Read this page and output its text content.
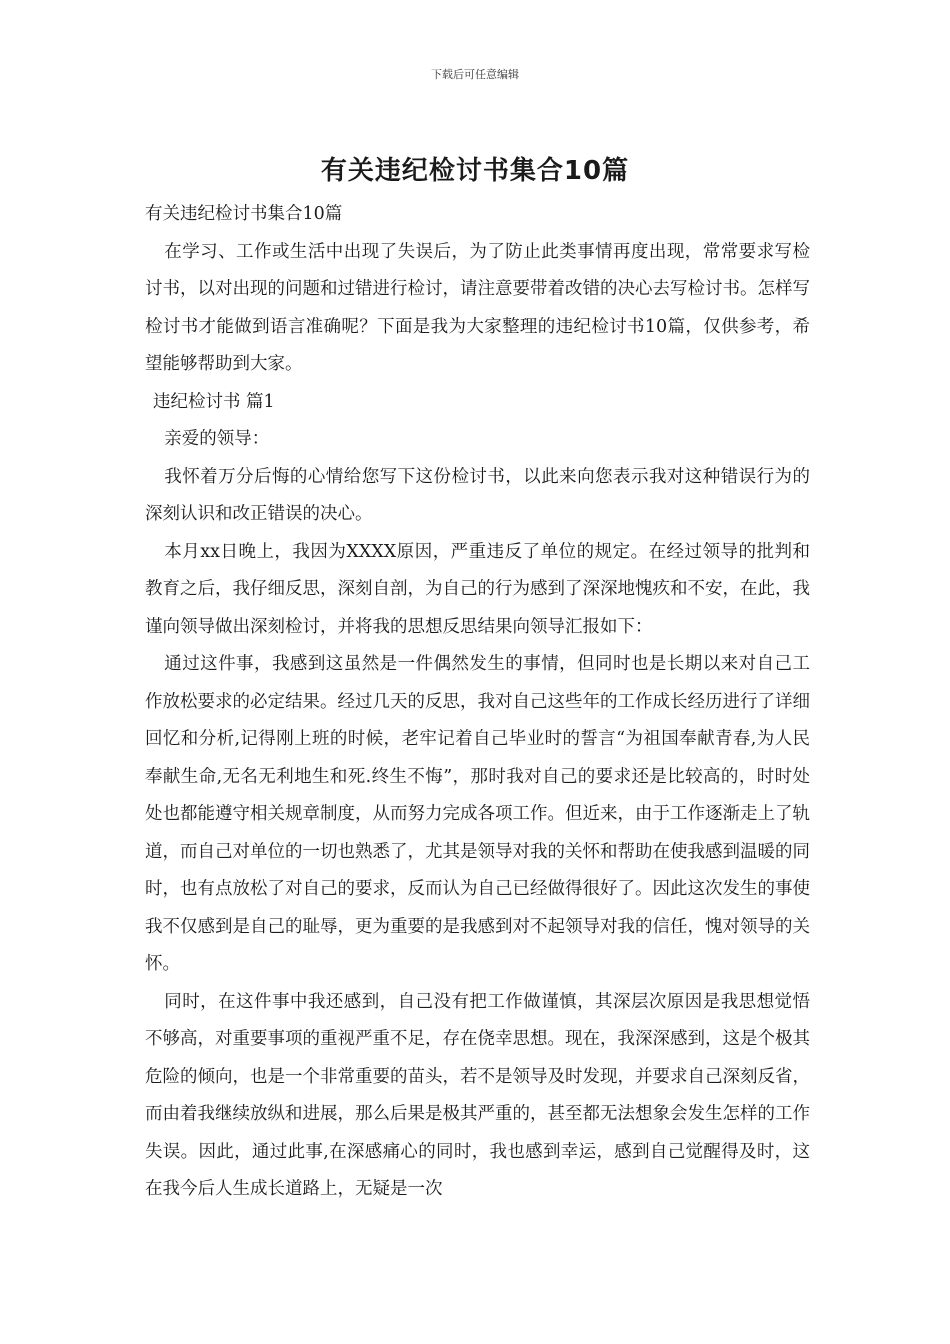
下载后可任意编辑
有关违纪检讨书集合10篇

有关违纪检讨书集合10篇

在学习、工作或生活中出现了失误后，为了防止此类事情再度出现，常常要求写检讨书，以对出现的问题和过错进行检讨，请注意要带着改错的决心去写检讨书。怎样写检讨书才能做到语言准确呢？下面是我为大家整理的违纪检讨书10篇，仅供参考，希望能够帮助到大家。

违纪检讨书 篇1

亲爱的领导：

我怀着万分后悔的心情给您写下这份检讨书，以此来向您表示我对这种错误行为的深刻认识和改正错误的决心。

本月xx日晚上，我因为XXXX原因，严重违反了单位的规定。在经过领导的批判和教育之后，我仔细反思，深刻自剖，为自己的行为感到了深深地愧疚和不安，在此，我谨向领导做出深刻检讨，并将我的思想反思结果向领导汇报如下：

通过这件事，我感到这虽然是一件偶然发生的事情，但同时也是长期以来对自己工作放松要求的必定结果。经过几天的反思，我对自己这些年的工作成长经历进行了详细回忆和分析,记得刚上班的时候，老牢记着自己毕业时的誓言“为祖国奉献青春,为人民奉献生命,无名无利地生和死.终生不悔”，那时我对自己的要求还是比较高的，时时处处也都能遵守相关规章制度，从而努力完成各项工作。但近来，由于工作逐渐走上了轨道，而自己对单位的一切也熟悉了，尤其是领导对我的关怀和帮助在使我感到温暖的同时，也有点放松了对自己的要求，反而认为自己已经做得很好了。因此这次发生的事使我不仅感到是自己的耻辱，更为重要的是我感到对不起领导对我的信任，愧对领导的关怀。

同时，在这件事中我还感到，自己没有把工作做谨慎，其深层次原因是我思想觉悟不够高，对重要事项的重视严重不足，存在侥幸思想。现在，我深深感到，这是个极其危险的倾向，也是一个非常重要的苗头，若不是领导及时发现，并要求自己深刻反省，而由着我继续放纵和进展，那么后果是极其严重的，甚至都无法想象会发生怎样的工作失误。因此，通过此事,在深感痛心的同时，我也感到幸运，感到自己觉醒得及时，这在我今后人生成长道路上，无疑是一次
